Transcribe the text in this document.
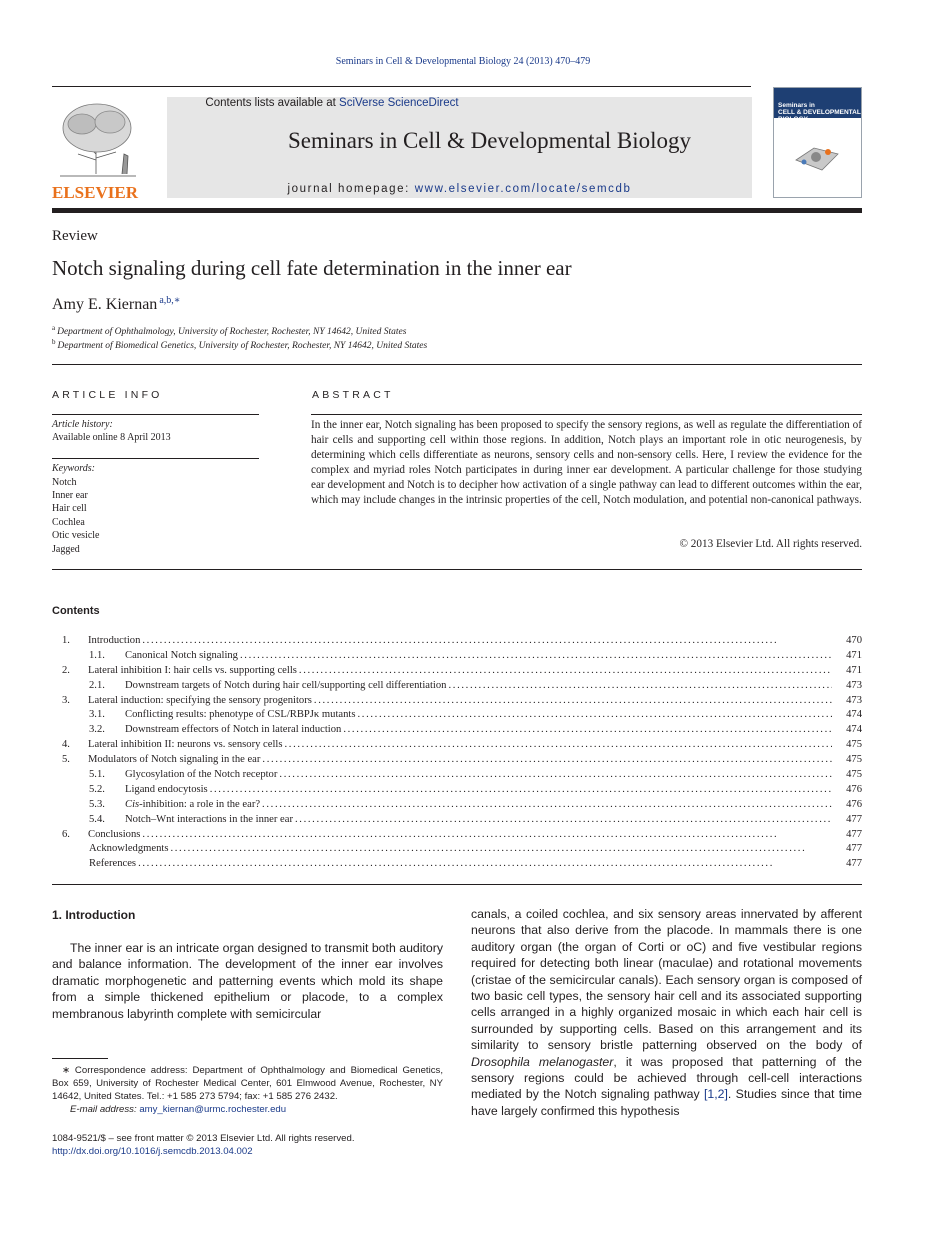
Seminars in Cell & Developmental Biology 24 (2013) 470–479
ELSEVIER
Contents lists available at SciVerse ScienceDirect
Seminars in Cell & Developmental Biology
journal homepage: www.elsevier.com/locate/semcdb
Seminars in
CELL & DEVELOPMENTAL
BIOLOGY
Review
Notch signaling during cell fate determination in the inner ear
Amy E. Kiernan $^{a,b,∗}$
$^a$ Department of Ophthalmology, University of Rochester, Rochester, NY 14642, United States
$^b$ Department of Biomedical Genetics, University of Rochester, Rochester, NY 14642, United States
ARTICLE INFO
Article history:
Available online 8 April 2013
Keywords:
Notch
Inner ear
Hair cell
Cochlea
Otic vesicle
Jagged
ABSTRACT
In the inner ear, Notch signaling has been proposed to specify the sensory regions, as well as regulate the differentiation of hair cells and supporting cell within those regions. In addition, Notch plays an important role in otic neurogenesis, by determining which cells differentiate as neurons, sensory cells and non-sensory cells. Here, I review the evidence for the complex and myriad roles Notch participates in during inner ear development. A particular challenge for those studying ear development and Notch is to decipher how activation of a single pathway can lead to different outcomes within the ear, which may include changes in the intrinsic properties of the cell, Notch modulation, and potential non-canonical pathways.
© 2013 Elsevier Ltd. All rights reserved.
Contents
1.	Introduction . . .	470
1.1.	Canonical Notch signaling . . .	471
2.	Lateral inhibition I: hair cells vs. supporting cells . . .	471
2.1.	Downstream targets of Notch during hair cell/supporting cell differentiation . . .	473
3.	Lateral induction: specifying the sensory progenitors . . .	473
3.1.	Conflicting results: phenotype of CSL/RBPJκ mutants . . .	474
3.2.	Downstream effectors of Notch in lateral induction . . .	474
4.	Lateral inhibition II: neurons vs. sensory cells . . .	475
5.	Modulators of Notch signaling in the ear . . .	475
5.1.	Glycosylation of the Notch receptor . . .	475
5.2.	Ligand endocytosis . . .	476
5.3.	Cis-inhibition: a role in the ear? . . .	476
5.4.	Notch–Wnt interactions in the inner ear . . .	477
6.	Conclusions . . .	477
Acknowledgments . . .	477
References . . .	477
1. Introduction
The inner ear is an intricate organ designed to transmit both auditory and balance information. The development of the inner ear involves dramatic morphogenetic and patterning events which mold its shape from a simple thickened epithelium or placode, to a complex membranous labyrinth complete with semicircular
canals, a coiled cochlea, and six sensory areas innervated by afferent neurons that also derive from the placode. In mammals there is one auditory organ (the organ of Corti or oC) and five vestibular regions required for detecting both linear (maculae) and rotational movements (cristae of the semicircular canals). Each sensory organ is composed of two basic cell types, the sensory hair cell and its associated supporting cells arranged in a highly organized mosaic in which each hair cell is surrounded by supporting cells. Based on this arrangement and its similarity to sensory bristle patterning observed on the body of Drosophila melanogaster, it was proposed that patterning of the sensory regions could be achieved through cell-cell interactions mediated by the Notch signaling pathway [1,2]. Studies since that time have largely confirmed this hypothesis
∗ Correspondence address: Department of Ophthalmology and Biomedical Genetics, Box 659, University of Rochester Medical Center, 601 Elmwood Avenue, Rochester, NY 14642, United States. Tel.: +1 585 273 5794; fax: +1 585 276 2432.
E-mail address: amy_kiernan@urmc.rochester.edu
1084-9521/$ – see front matter © 2013 Elsevier Ltd. All rights reserved.
http://dx.doi.org/10.1016/j.semcdb.2013.04.002
